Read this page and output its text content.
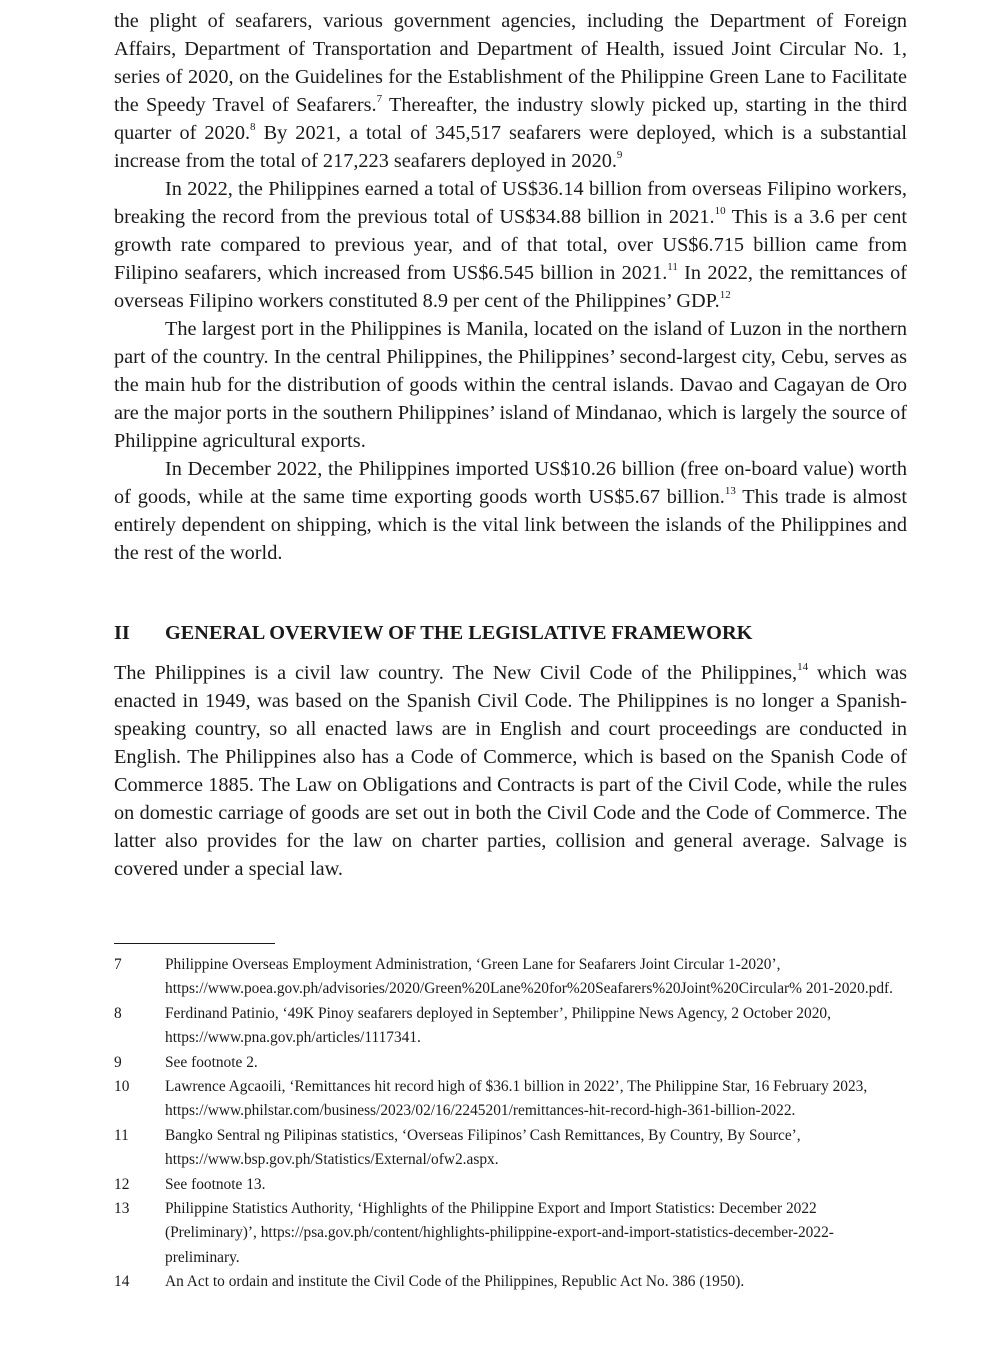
the plight of seafarers, various government agencies, including the Department of Foreign Affairs, Department of Transportation and Department of Health, issued Joint Circular No. 1, series of 2020, on the Guidelines for the Establishment of the Philippine Green Lane to Facilitate the Speedy Travel of Seafarers.$^7$ Thereafter, the industry slowly picked up, starting in the third quarter of 2020.$^8$ By 2021, a total of 345,517 seafarers were deployed, which is a substantial increase from the total of 217,223 seafarers deployed in 2020.$^9$

In 2022, the Philippines earned a total of US$36.14 billion from overseas Filipino workers, breaking the record from the previous total of US$34.88 billion in 2021.10 This is a 3.6 per cent growth rate compared to previous year, and of that total, over US$6.715 billion came from Filipino seafarers, which increased from US$6.545 billion in 2021.11 In 2022, the remittances of overseas Filipino workers constituted 8.9 per cent of the Philippines’ GDP.$^{12}$

The largest port in the Philippines is Manila, located on the island of Luzon in the northern part of the country. In the central Philippines, the Philippines’ second-largest city, Cebu, serves as the main hub for the distribution of goods within the central islands. Davao and Cagayan de Oro are the major ports in the southern Philippines’ island of Mindanao, which is largely the source of Philippine agricultural exports.

In December 2022, the Philippines imported US$10.26 billion (free on-board value) worth of goods, while at the same time exporting goods worth US$5.67 billion.$^{13}$ This trade is almost entirely dependent on shipping, which is the vital link between the islands of the Philippines and the rest of the world.

II	GENERAL OVERVIEW OF THE LEGISLATIVE FRAMEWORK

The Philippines is a civil law country. The New Civil Code of the Philippines,$^{14}$ which was enacted in 1949, was based on the Spanish Civil Code. The Philippines is no longer a Spanish-speaking country, so all enacted laws are in English and court proceedings are conducted in English. The Philippines also has a Code of Commerce, which is based on the Spanish Code of Commerce 1885. The Law on Obligations and Contracts is part of the Civil Code, while the rules on domestic carriage of goods are set out in both the Civil Code and the Code of Commerce. The latter also provides for the law on charter parties, collision and general average. Salvage is covered under a special law.

7	Philippine Overseas Employment Administration, ‘Green Lane for Seafarers Joint Circular 1-2020’, https://www.poea.gov.ph/advisories/2020/Green%20Lane%20for%20Seafarers%20Joint%20Circular% 201-2020.pdf.
8	Ferdinand Patinio, ‘49K Pinoy seafarers deployed in September’, Philippine News Agency, 2 October 2020, https://www.pna.gov.ph/articles/1117341.
9	See footnote 2.
10	Lawrence Agcaoili, ‘Remittances hit record high of $36.1 billion in 2022’, The Philippine Star, 16 February 2023, https://www.philstar.com/business/2023/02/16/2245201/remittances-hit-record-high-361-billion-2022.
11	Bangko Sentral ng Pilipinas statistics, ‘Overseas Filipinos’ Cash Remittances, By Country, By Source’, https://www.bsp.gov.ph/Statistics/External/ofw2.aspx.
12	See footnote 13.
13	Philippine Statistics Authority, ‘Highlights of the Philippine Export and Import Statistics: December 2022 (Preliminary)’, https://psa.gov.ph/content/highlights-philippine-export-and-import-statistics-december-2022-preliminary.
14	An Act to ordain and institute the Civil Code of the Philippines, Republic Act No. 386 (1950).
